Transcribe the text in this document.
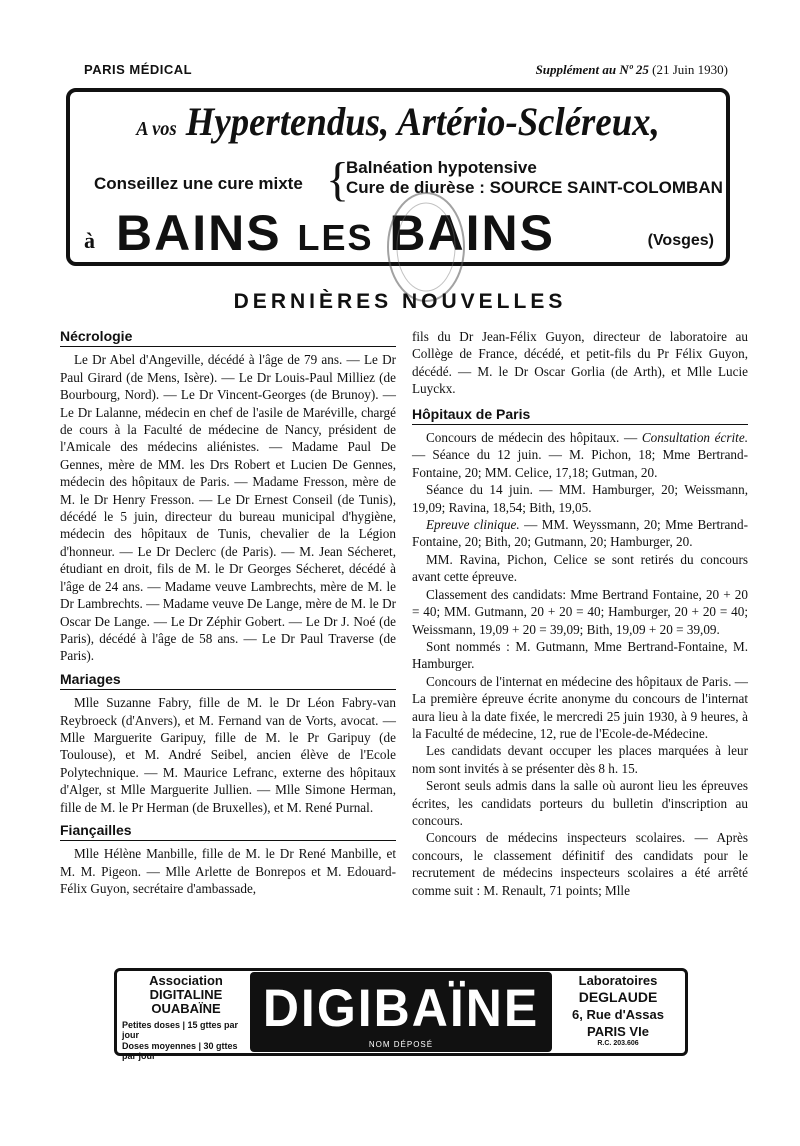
PARIS MÉDICAL	Supplément au Nº 25 (21 Juin 1930)
A vos Hypertendus, Artério-Scléreux,
Conseillez une cure mixte {
Balnéation hypotensive
Cure de diurèse : SOURCE SAINT-COLOMBAN
à BAINS LES BAINS	(Vosges)
DERNIÈRES NOUVELLES
Nécrologie

Le Dr Abel d'Angeville, décédé à l'âge de 79 ans. — Le Dr Paul Girard (de Mens, Isère). — Le Dr Louis-Paul Milliez (de Bourbourg, Nord). — Le Dr Vincent-Georges (de Brunoy). — Le Dr Lalanne, médecin en chef de l'asile de Maréville, chargé de cours à la Faculté de médecine de Nancy, président de l'Amicale des médecins aliénistes. — Madame Paul De Gennes, mère de MM. les Drs Robert et Lucien De Gennes, médecin des hôpitaux de Paris. — Madame Fresson, mère de M. le Dr Henry Fresson. — Le Dr Ernest Conseil (de Tunis), décédé le 5 juin, directeur du bureau municipal d'hygiène, médecin des hôpitaux de Tunis, chevalier de la Légion d'honneur. — Le Dr Declerc (de Paris). — M. Jean Sécheret, étudiant en droit, fils de M. le Dr Georges Sécheret, décédé à l'âge de 24 ans. — Madame veuve Lambrechts, mère de M. le Dr Lambrechts. — Madame veuve De Lange, mère de M. le Dr Oscar De Lange. — Le Dr Zéphir Gobert. — Le Dr J. Noé (de Paris), décédé à l'âge de 58 ans. — Le Dr Paul Traverse (de Paris).

Mariages

Mlle Suzanne Fabry, fille de M. le Dr Léon Fabry-van Reybroeck (d'Anvers), et M. Fernand van de Vorts, avocat. — Mlle Marguerite Garipuy, fille de M. le Pr Garipuy (de Toulouse), et M. André Seibel, ancien élève de l'Ecole Polytechnique. — M. Maurice Lefranc, externe des hôpitaux d'Alger, st Mlle Marguerite Jullien. — Mlle Simone Herman, fille de M. le Pr Herman (de Bruxelles), et M. René Purnal.

Fiançailles

Mlle Hélène Manbille, fille de M. le Dr René Manbille, et M. M. Pigeon. — Mlle Arlette de Bonrepos et M. Edouard-Félix Guyon, secrétaire d'ambassade,

fils du Dr Jean-Félix Guyon, directeur de laboratoire au Collège de France, décédé, et petit-fils du Pr Félix Guyon, décédé. — M. le Dr Oscar Gorlia (de Arth), et Mlle Lucie Luyckx.

Hôpitaux de Paris

Concours de médecin des hôpitaux. — Consultation écrite. — Séance du 12 juin. — M. Pichon, 18; Mme Bertrand-Fontaine, 20; MM. Celice, 17,18; Gutman, 20.

Séance du 14 juin. — MM. Hamburger, 20; Weissmann, 19,09; Ravina, 18,54; Bith, 19,05.

Epreuve clinique. — MM. Weyssmann, 20; Mme Bertrand-Fontaine, 20; Bith, 20; Gutmann, 20; Hamburger, 20.

MM. Ravina, Pichon, Celice se sont retirés du concours avant cette épreuve.

Classement des candidats: Mme Bertrand Fontaine, 20 + 20 = 40; MM. Gutmann, 20 + 20 = 40; Hamburger, 20 + 20 = 40; Weissmann, 19,09 + 20 = 39,09; Bith, 19,09 + 20 = 39,09.

Sont nommés : M. Gutmann, Mme Bertrand-Fontaine, M. Hamburger.

Concours de l'internat en médecine des hôpitaux de Paris. — La première épreuve écrite anonyme du concours de l'internat aura lieu à la date fixée, le mercredi 25 juin 1930, à 9 heures, à la Faculté de médecine, 12, rue de l'Ecole-de-Médecine.

Les candidats devant occuper les places marquées à leur nom sont invités à se présenter dès 8 h. 15.

Seront seuls admis dans la salle où auront lieu les épreuves écrites, les candidats porteurs du bulletin d'inscription au concours.

Concours de médecins inspecteurs scolaires. — Après concours, le classement définitif des candidats pour le recrutement de médecins inspecteurs scolaires a été arrêté comme suit : M. Renault, 71 points; Mlle

Association
DIGITALINE
OUABAÏNE
Petites doses | 15 gttes par jour
Doses moyennes | 30 gttes par jour
DIGIBAÏNE
NOM DÉPOSÉ
Laboratoires
DEGLAUDE
6, Rue d'Assas
PARIS VIe
R.C. 203.606
